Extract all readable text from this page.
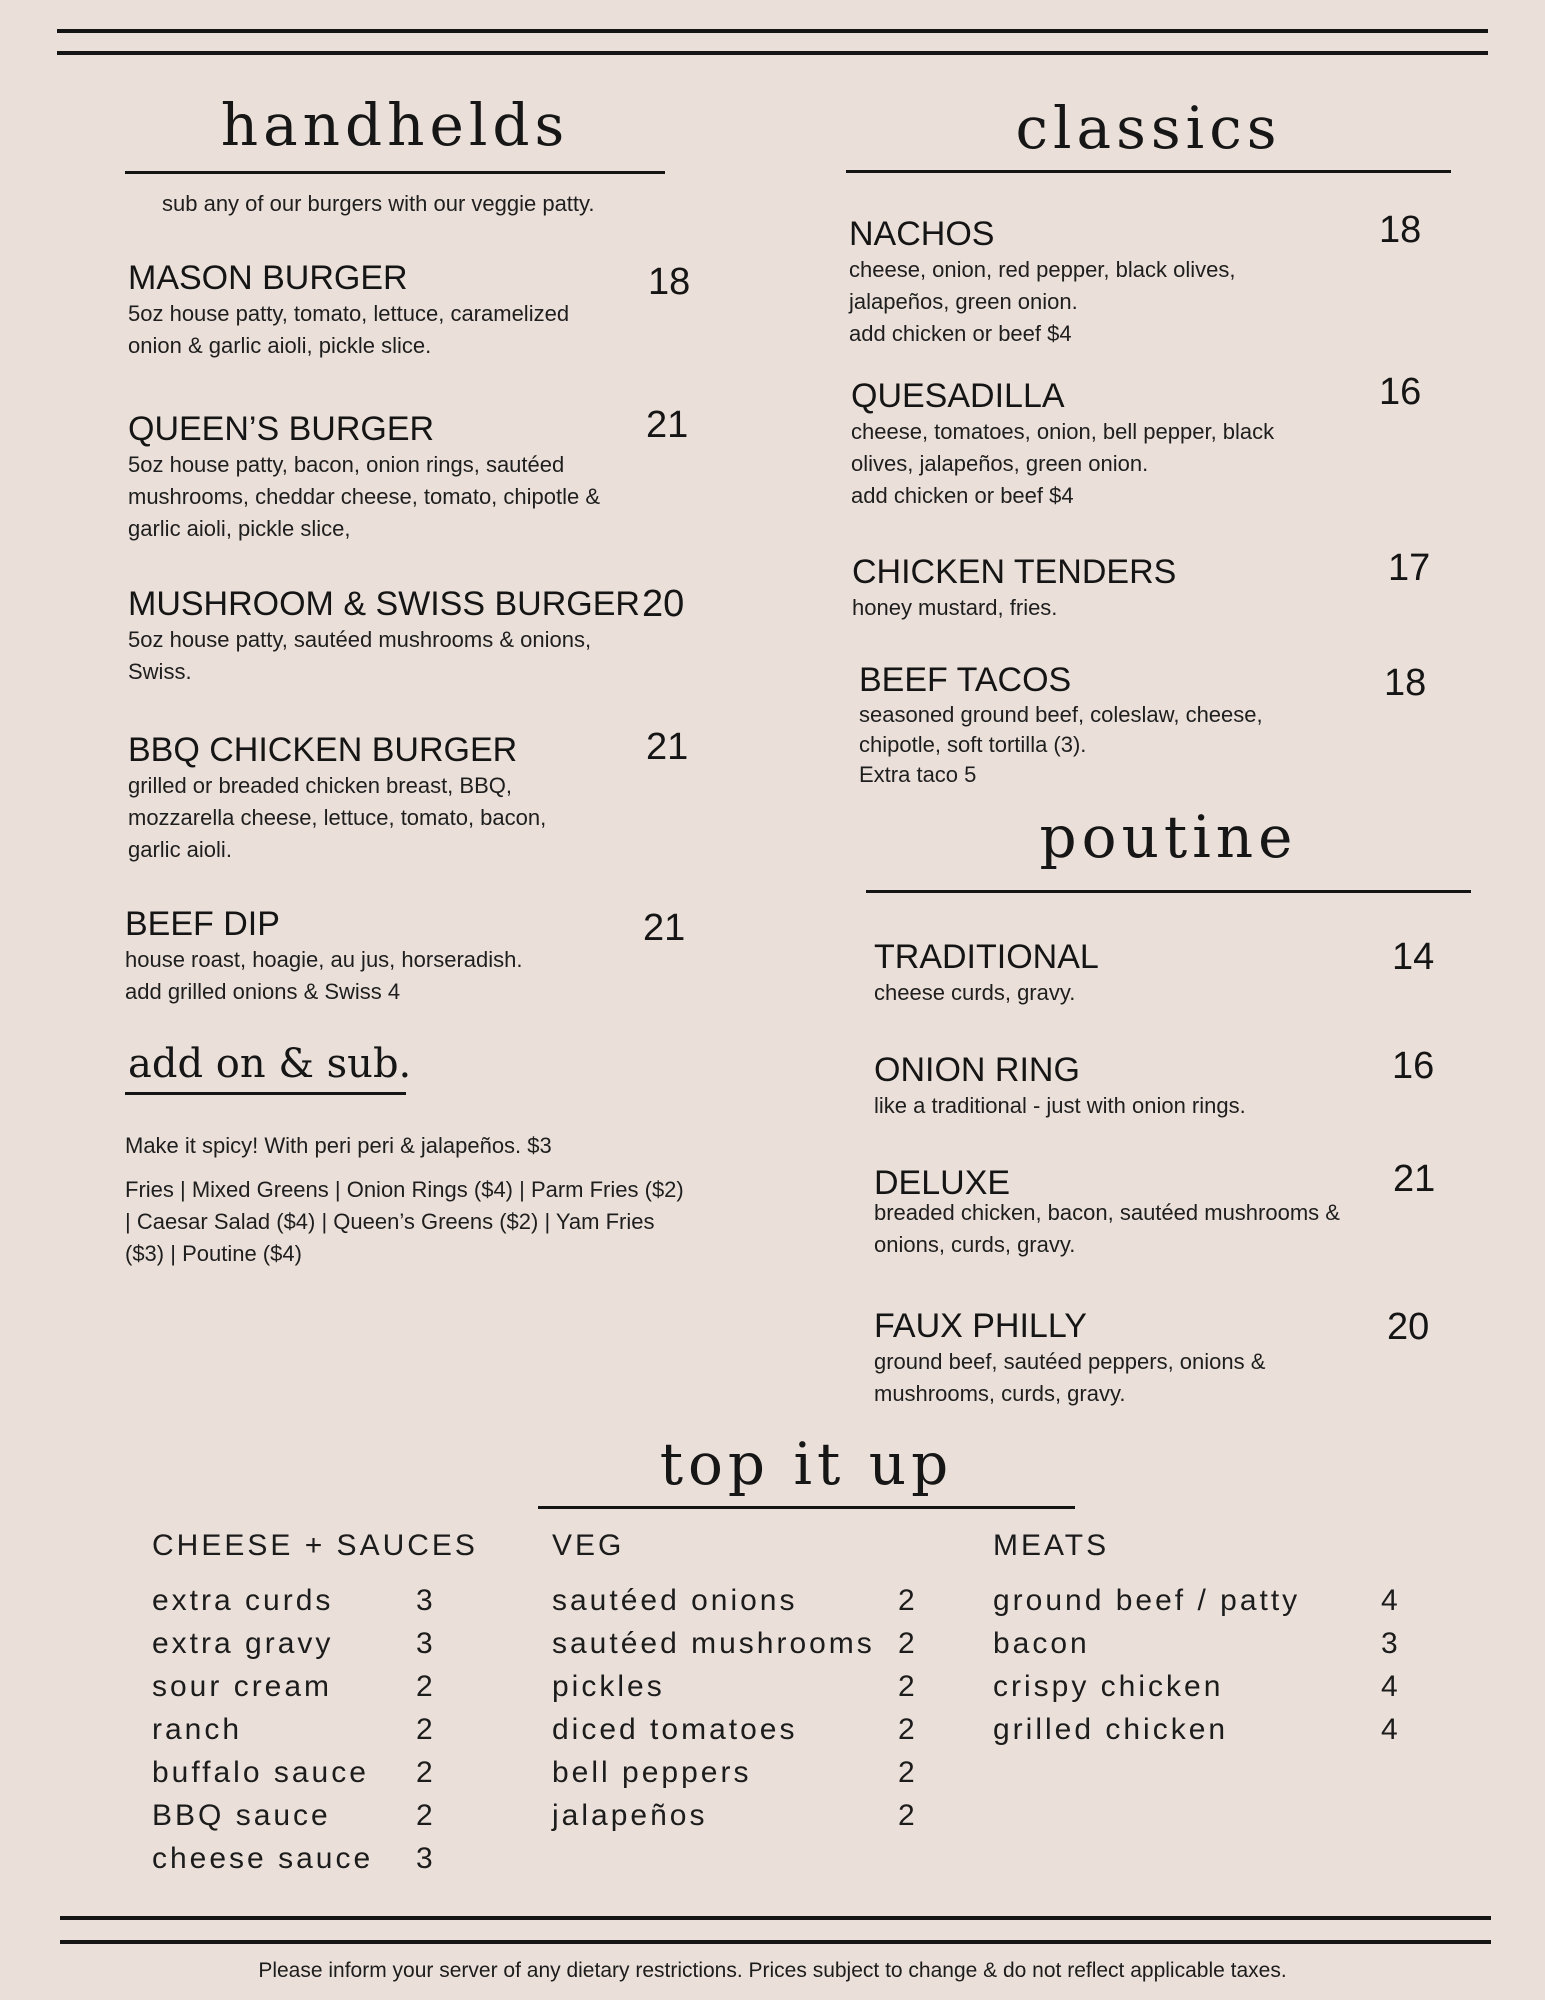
handhelds
sub any of our burgers with our veggie patty.
MASON BURGER
5oz house patty, tomato, lettuce, caramelized onion & garlic aioli, pickle slice.
18
QUEEN’S BURGER
5oz house patty, bacon, onion rings, sautéed mushrooms, cheddar cheese, tomato, chipotle & garlic aioli, pickle slice,
21
MUSHROOM & SWISS BURGER
5oz house patty, sautéed mushrooms & onions, Swiss.
20
BBQ CHICKEN BURGER
grilled or breaded chicken breast, BBQ, mozzarella cheese, lettuce, tomato, bacon, garlic aioli.
21
BEEF DIP
house roast, hoagie, au jus, horseradish.
add grilled onions & Swiss 4
21
add on & sub.
Make it spicy! With peri peri & jalapeños. $3
Fries | Mixed Greens | Onion Rings ($4) | Parm Fries ($2) | Caesar Salad ($4) | Queen’s Greens ($2) | Yam Fries ($3) | Poutine ($4)
classics
NACHOS
cheese, onion, red pepper, black olives, jalapeños, green onion.
add chicken or beef $4
18
QUESADILLA
cheese, tomatoes, onion, bell pepper, black olives, jalapeños, green onion.
add chicken or beef $4
16
CHICKEN TENDERS
honey mustard, fries.
17
BEEF TACOS
seasoned ground beef, coleslaw, cheese, chipotle, soft tortilla (3).
Extra taco 5
18
poutine
TRADITIONAL
cheese curds, gravy.
14
ONION RING
like a traditional - just with onion rings.
16
DELUXE
breaded chicken, bacon, sautéed mushrooms & onions, curds, gravy.
21
FAUX PHILLY
ground beef, sautéed peppers, onions & mushrooms, curds, gravy.
20
top it up
CHEESE + SAUCES VEG	MEATS
extra curds	3
extra gravy	3
sour cream	2
ranch	2
buffalo sauce 2
BBQ sauce	2
cheese sauce 3
sautéed onions	2
sautéed mushrooms 2
pickles	2
diced tomatoes	2
bell peppers	2
jalapeños	2
ground beef / patty	4
bacon	3
crispy chicken	4
grilled chicken	4
Please inform your server of any dietary restrictions. Prices subject to change & do not reflect applicable taxes.
